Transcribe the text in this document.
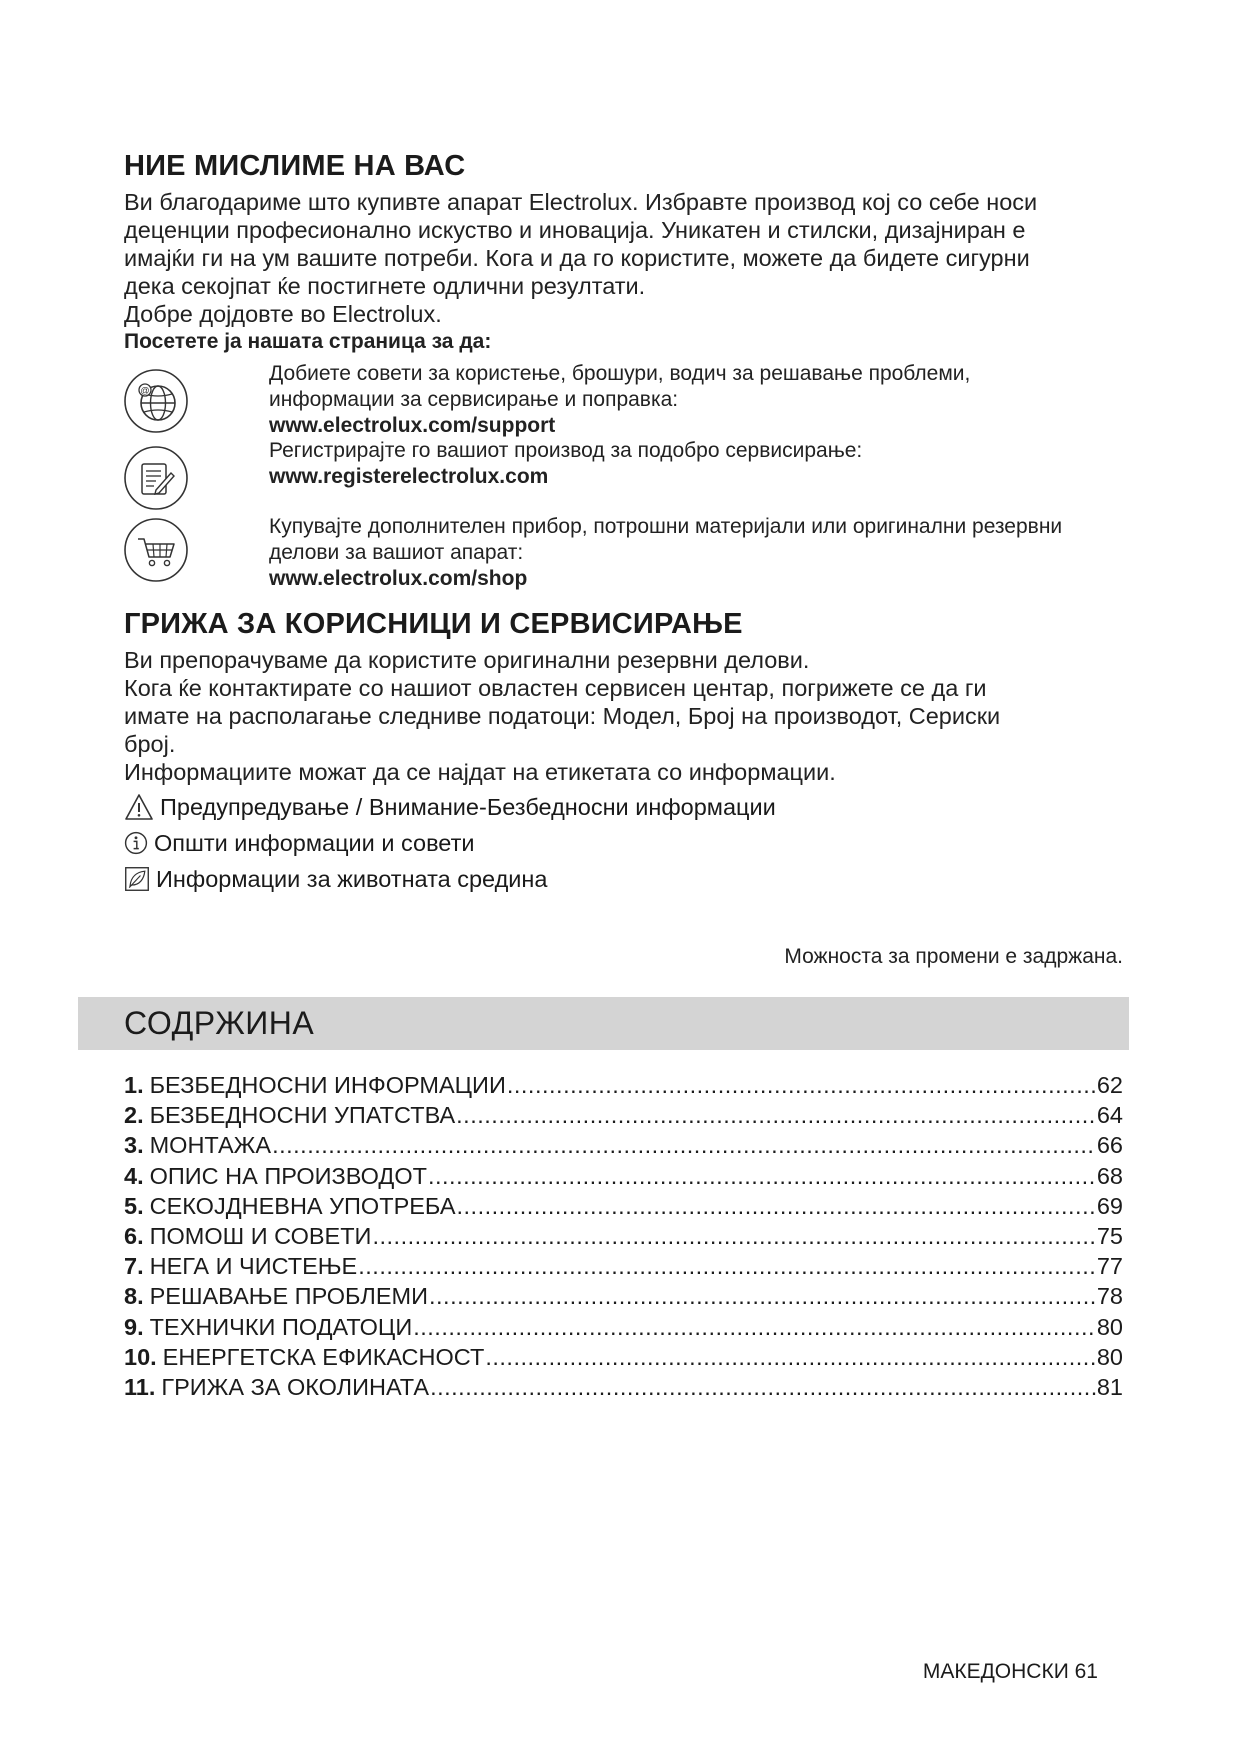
НИЕ МИСЛИМЕ НА ВАС
Ви благодариме што купивте апарат Electrolux. Избравте производ кој со себе носи
деценции професионално искуство и иновација. Уникатен и стилски, дизајниран е
имајќи ги на ум вашите потреби. Кога и да го користите, можете да бидете сигурни
дека секојпат ќе постигнете одлични резултати.
Добре дојдовте во Electrolux.
Посетете ја нашата страница за да:
@
Добиете совети за користење, брошури, водич за решавање проблеми,
информации за сервисирање и поправка:
www.electrolux.com/support
Регистрирајте го вашиот производ за подобро сервисирање:
www.registerelectrolux.com
Купувајте дополнителен прибор, потрошни материјали или оригинални резервни
делови за вашиот апарат:
www.electrolux.com/shop
ГРИЖА ЗА КОРИСНИЦИ И СЕРВИСИРАЊЕ
Ви препорачуваме да користите оригинални резервни делови.
Кога ќе контактирате со нашиот овластен сервисен центар, погрижете се да ги
имате на располагање следниве податоци: Модел, Број на производот, Сериски
број.
Информациите можат да се најдат на етикетата со информации.
Предупредување / Внимание-Безбедносни информации
Општи информации и совети
Информации за животната средина
Можноста за промени е задржана.
СОДРЖИНА
1. БЕЗБЕДНОСНИ ИНФОРМАЦИИ .....	62
2. БЕЗБЕДНОСНИ УПАТСТВА .....	64
3. МОНТАЖА .....	66
4. ОПИС НА ПРОИЗВОДОТ .....	68
5. СЕКОЈДНЕВНА УПОТРЕБА .....	69
6. ПОМОШ И СОВЕТИ .....	75
7. НЕГА И ЧИСТЕЊЕ .....	77
8. РЕШАВАЊЕ ПРОБЛЕМИ .....	78
9. ТЕХНИЧКИ ПОДАТОЦИ .....	80
10. ЕНЕРГЕТСКА ЕФИКАСНОСТ .....	80
11. ГРИЖА ЗА ОКОЛИНАТА .....	81
МАКЕДОНСКИ 61
